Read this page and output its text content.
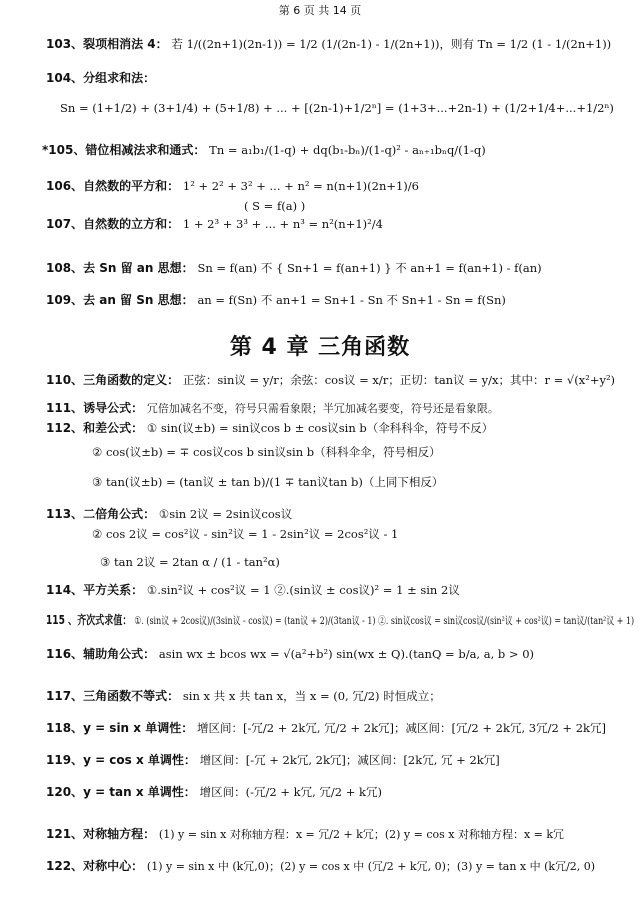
第 6 页 共 14 页
103、裂项相消法 4： 若 1/((2n+1)(2n-1)) = 1/2 (1/(2n-1) - 1/(2n+1))，则有 Tn = 1/2 (1 - 1/(2n+1))
104、分组求和法：
Sn = (1+1/2) + (3+1/4) + (5+1/8) + ... + [(2n-1)+1/2ⁿ] = (1+3+...+2n-1) + (1/2+1/4+...+1/2ⁿ)
*105、错位相减法求和通式： Tn = a₁b₁/(1-q) + dq(b₁-bₙ)/(1-q)² - aₙ₊₁bₙq/(1-q)
106、自然数的平方和： 1² + 2² + 3² + ... + n² = n(n+1)(2n+1)/6
107、自然数的立方和： 1 + 2³ + 3³ + ... + n³ = n²(n+1)²/4
( S = f(a) )
108、去 Sn 留 an 思想： Sn = f(an) 不 { Sn+1 = f(an+1) } 不 an+1 = f(an+1) - f(an)
109、去 an 留 Sn 思想： an = f(Sn) 不 an+1 = Sn+1 - Sn 不 Sn+1 - Sn = f(Sn)
第 4 章 三角函数
110、三角函数的定义： 正弦：sin议 = y/r；余弦：cos议 = x/r；正切：tan议 = y/x；其中：r = √(x²+y²)
111、诱导公式： 冗倍加减名不变，符号只需看象限；半冗加减名要变，符号还是看象限。
112、和差公式： ① sin(议±b) = sin议cos b ± cos议sin b（伞科科伞，符号不反）
② cos(议±b) = ∓ cos议cos b sin议sin b（科科伞伞，符号相反）
③ tan(议±b) = (tan议 ± tan b)/(1 ∓ tan议tan b)（上同下相反）
113、二倍角公式： ①sin 2议 = 2sin议cos议
② cos 2议 = cos²议 - sin²议 = 1 - 2sin²议 = 2cos²议 - 1
③ tan 2议 = 2tan α / (1 - tan²α)
114、平方关系： ①.sin²议 + cos²议 = 1 ②.(sin议 ± cos议)² = 1 ± sin 2议
115 、齐次式求值： ①. (sin议 + 2cos议)/(3sin议 - cos议) = (tan议 + 2)/(3tan议 - 1) ②. sin议cos议 = sin议cos议/(sin²议 + cos²议) = tan议/(tan²议 + 1)
116、辅助角公式： asin wx ± bcos wx = √(a²+b²) sin(wx ± Q).(tanQ = b/a, a, b > 0)
117、三角函数不等式： sin x 共 x 共 tan x，当 x = (0, 冗/2) 时恒成立；
118、y = sin x 单调性： 增区间：[-冗/2 + 2k冗, 冗/2 + 2k冗]；减区间：[冗/2 + 2k冗, 3冗/2 + 2k冗]
119、y = cos x 单调性： 增区间：[-冗 + 2k冗, 2k冗]；减区间：[2k冗, 冗 + 2k冗]
120、y = tan x 单调性： 增区间：(-冗/2 + k冗, 冗/2 + k冗)
121、对称轴方程： (1) y = sin x 对称轴方程：x = 冗/2 + k冗；(2) y = cos x 对称轴方程：x = k冗
122、对称中心： (1) y = sin x 中 (k冗,0)；(2) y = cos x 中 (冗/2 + k冗, 0)；(3) y = tan x 中 (k冗/2, 0)
